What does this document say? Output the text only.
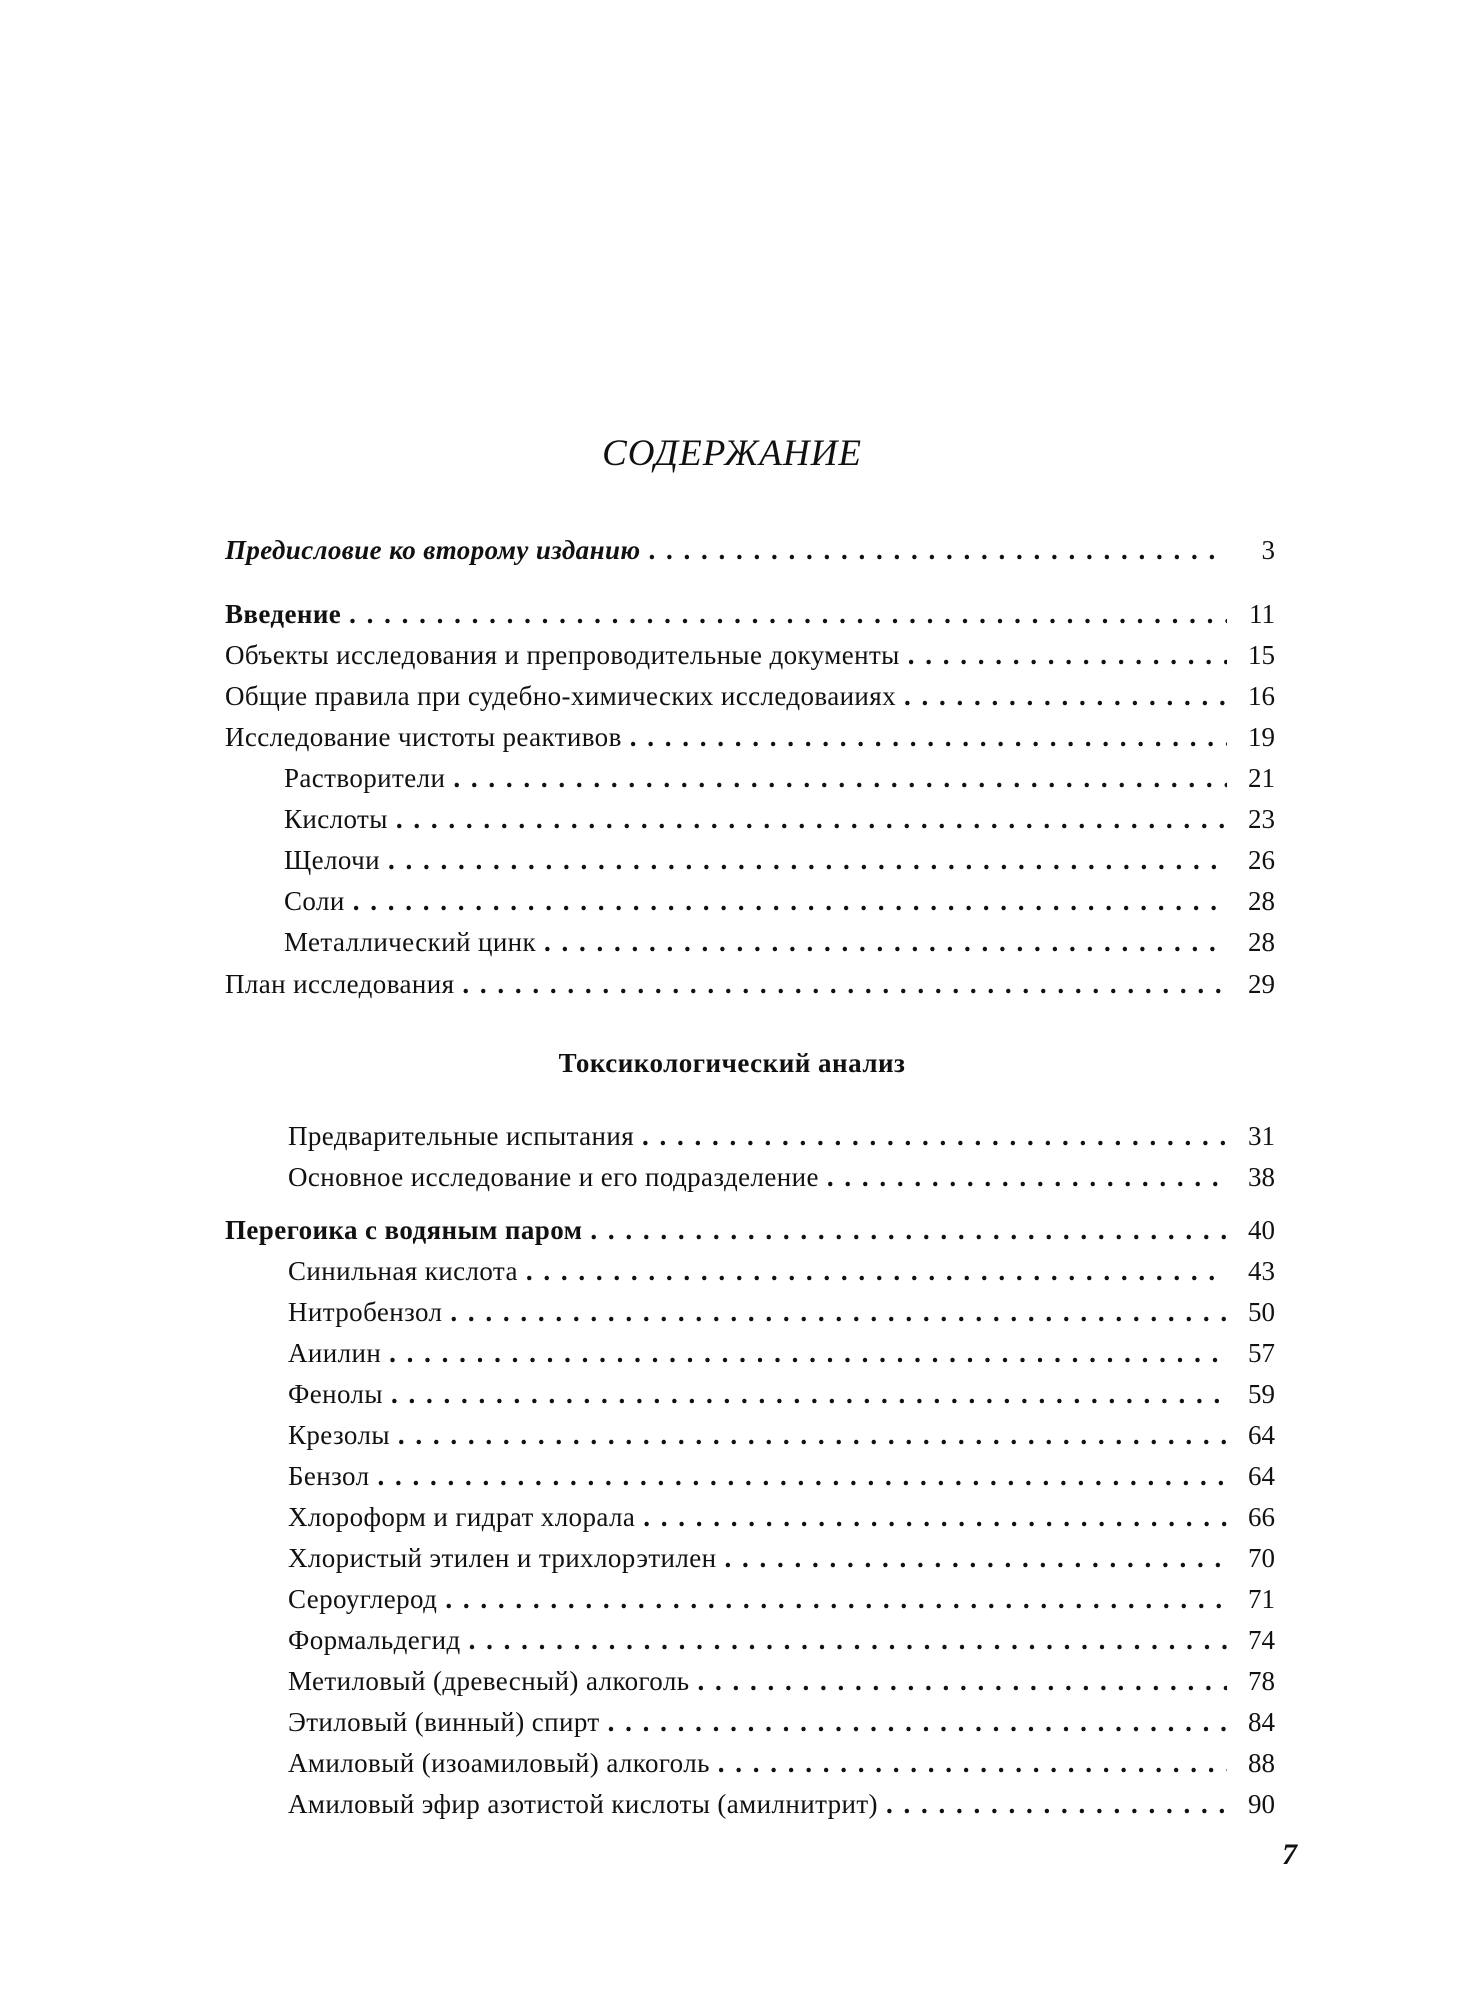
СОДЕРЖАНИЕ
Предисловие ко второму изданию . . .	3
Введение . . .	11
Объекты исследования и препроводительные документы . . .	15
Общие правила при судебно-химических исследоваииях . . .	16
Исследование чистоты реактивов . . .	19
Растворители . . .	21
Кислоты . . .	23
Щелочи . . .	26
Соли . . .	28
Металлический цинк . . .	28
План исследования . . .	29
Токсикологический анализ
Предварительные испытания . . .	31
Основное исследование и его подразделение . . .	38
Перегоика с водяным паром . . .	40
Синильная кислота . . .	43
Нитробензол . . .	50
Аиилин . . .	57
Фенолы . . .	59
Крезолы . . .	64
Бензол . . .	64
Хлороформ и гидрат хлорала . . .	66
Хлористый этилен и трихлорэтилен . . .	70
Сероуглерод . . .	71
Формальдегид . . .	74
Метиловый (древесный) алкоголь . . .	78
Этиловый (винный) спирт . . .	84
Амиловый (изоамиловый) алкоголь . . .	88
Амиловый эфир азотистой кислоты (амилнитрит) . . .	90
7
